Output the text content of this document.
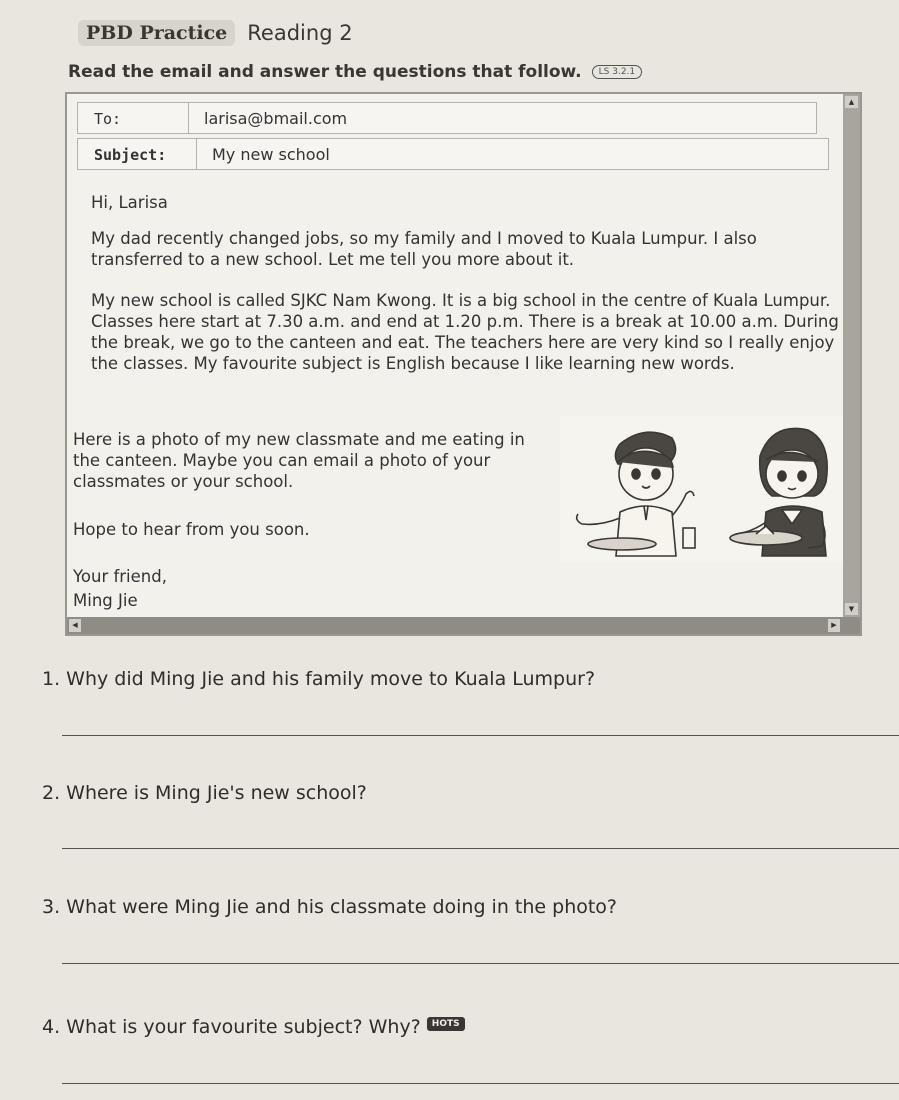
PBD Practice Reading 2
Read the email and answer the questions that follow.	LS 3.2.1
To:	larisa@bmail.com
Subject:	My new school
Hi, Larisa
My dad recently changed jobs, so my family and I moved to Kuala Lumpur. I also transferred to a new school. Let me tell you more about it.
My new school is called SJKC Nam Kwong. It is a big school in the centre of Kuala Lumpur. Classes here start at 7.30 a.m. and end at 1.20 p.m. There is a break at 10.00 a.m. During the break, we go to the canteen and eat. The teachers here are very kind so I really enjoy the classes. My favourite subject is English because I like learning new words.
Here is a photo of my new classmate and me eating in the canteen. Maybe you can email a photo of your classmates or your school.
Hope to hear from you soon.
Your friend,
Ming Jie
▲
▼
◀	▶
1. Why did Ming Jie and his family move to Kuala Lumpur?
2. Where is Ming Jie's new school?
3. What were Ming Jie and his classmate doing in the photo?
4. What is your favourite subject? Why? HOTS
